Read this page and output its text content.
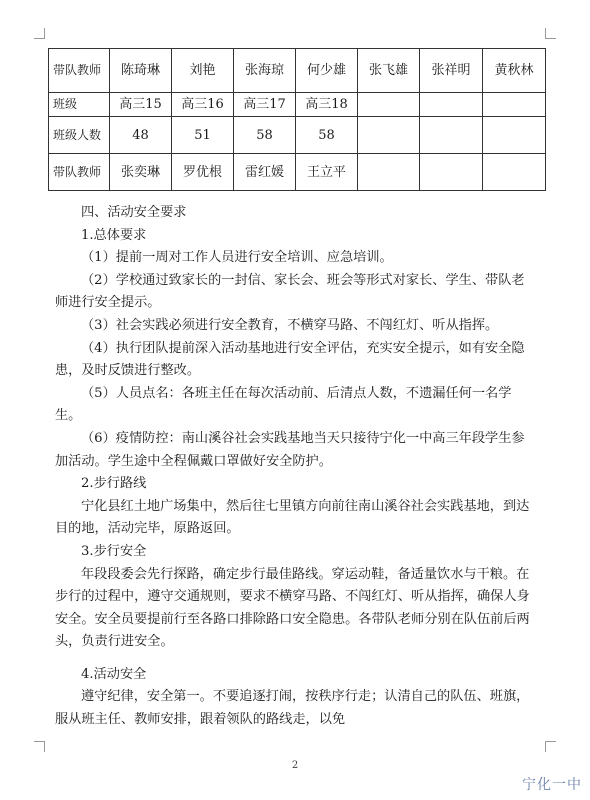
带队教师	陈琦琳	刘艳	张海琼	何少雄	张飞雄	张祥明	黄秋林
班级	高三15	高三16	高三17	高三18			
班级人数	48	51	58	58			
带队教师	张奕琳	罗优根	雷红媛	王立平			

四、活动安全要求

1.总体要求

（1）提前一周对工作人员进行安全培训、应急培训。

（2）学校通过致家长的一封信、家长会、班会等形式对家长、学生、带队老师进行安全提示。

（3）社会实践必须进行安全教育，不横穿马路、不闯红灯、听从指挥。

（4）执行团队提前深入活动基地进行安全评估，充实安全提示，如有安全隐患，及时反馈进行整改。

（5）人员点名：各班主任在每次活动前、后清点人数，不遗漏任何一名学生。

（6）疫情防控：南山溪谷社会实践基地当天只接待宁化一中高三年段学生参加活动。学生途中全程佩戴口罩做好安全防护。

2.步行路线

宁化县红土地广场集中，然后往七里镇方向前往南山溪谷社会实践基地，到达目的地，活动完毕，原路返回。

3.步行安全

年段段委会先行探路，确定步行最佳路线。穿运动鞋，备适量饮水与干粮。在步行的过程中，遵守交通规则，要求不横穿马路、不闯红灯、听从指挥，确保人身安全。安全员要提前行至各路口排除路口安全隐患。各带队老师分别在队伍前后两头，负责行进安全。

4.活动安全

遵守纪律，安全第一。不要追逐打闹，按秩序行走；认清自己的队伍、班旗，服从班主任、教师安排，跟着领队的路线走，以免

2
宁化一中
